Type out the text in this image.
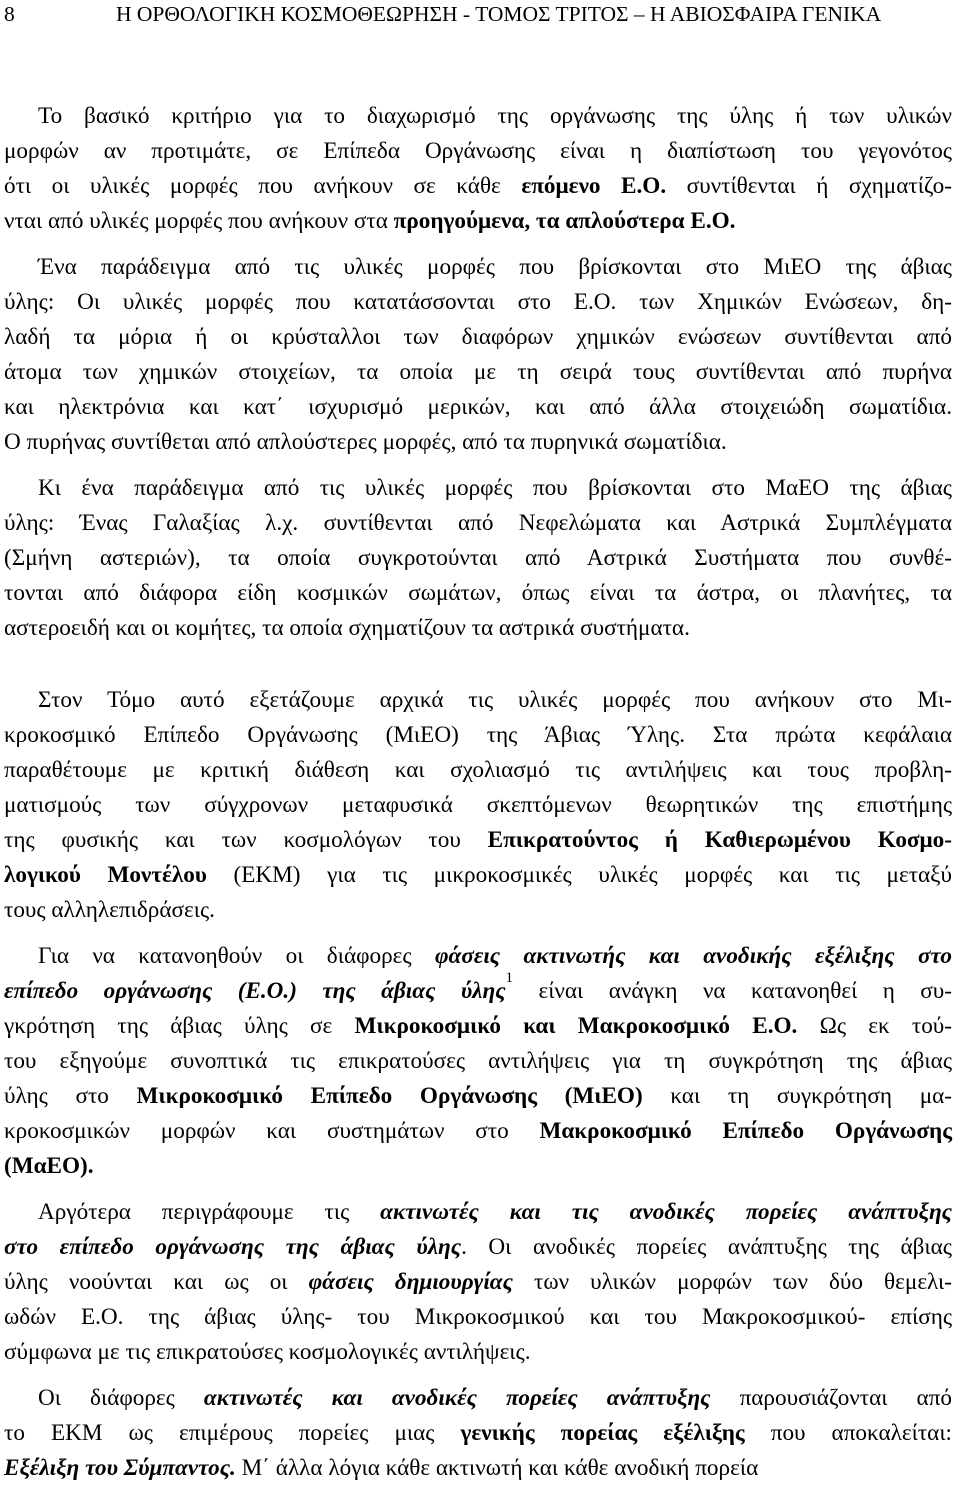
8	Η ΟΡΘΟΛΟΓΙΚΗ ΚΟΣΜΟΘΕΩΡΗΣΗ - ΤΟΜΟΣ ΤΡΙΤΟΣ – Η ΑΒΙΟΣΦΑΙΡΑ ΓΕΝΙΚΑ
Το βασικό κριτήριο για το διαχωρισμό της οργάνωσης της ύλης ή των υλικών
μορφών αν προτιμάτε, σε Επίπεδα Οργάνωσης είναι η διαπίστωση του γεγονότος
ότι οι υλικές μορφές που ανήκουν σε κάθε επόμενο Ε.Ο. συντίθενται ή σχηματίζο-
νται από υλικές μορφές που ανήκουν στα προηγούμενα, τα απλούστερα Ε.Ο.
Ένα παράδειγμα από τις υλικές μορφές που βρίσκονται στο ΜιΕΟ της άβιας
ύλης: Οι υλικές μορφές που κατατάσσονται στο Ε.Ο. των Χημικών Ενώσεων, δη-
λαδή τα μόρια ή οι κρύσταλλοι των διαφόρων χημικών ενώσεων συντίθενται από
άτομα των χημικών στοιχείων, τα οποία με τη σειρά τους συντίθενται από πυρήνα
και ηλεκτρόνια και κατ΄ ισχυρισμό μερικών, και από άλλα στοιχειώδη σωματίδια.
Ο πυρήνας συντίθεται από απλούστερες μορφές, από τα πυρηνικά σωματίδια.
Κι ένα παράδειγμα από τις υλικές μορφές που βρίσκονται στο ΜαΕΟ της άβιας
ύλης: Ένας Γαλαξίας λ.χ. συντίθενται από Νεφελώματα και Αστρικά Συμπλέγματα
(Σμήνη αστεριών), τα οποία συγκροτούνται από Αστρικά Συστήματα που συνθέ-
τονται από διάφορα είδη κοσμικών σωμάτων, όπως είναι τα άστρα, οι πλανήτες, τα
αστεροειδή και οι κομήτες, τα οποία σχηματίζουν τα αστρικά συστήματα.
Στον Τόμο αυτό εξετάζουμε αρχικά τις υλικές μορφές που ανήκουν στο Μι-
κροκοσμικό Επίπεδο Οργάνωσης (ΜιΕΟ) της Άβιας Ύλης. Στα πρώτα κεφάλαια
παραθέτουμε με κριτική διάθεση και σχολιασμό τις αντιλήψεις και τους προβλη-
ματισμούς των σύγχρονων μεταφυσικά σκεπτόμενων θεωρητικών της επιστήμης
της φυσικής και των κοσμολόγων του Επικρατούντος ή Καθιερωμένου Κοσμο-
λογικού Μοντέλου (ΕΚΜ) για τις μικροκοσμικές υλικές μορφές και τις μεταξύ
τους αλληλεπιδράσεις.
Για να κατανοηθούν οι διάφορες φάσεις ακτινωτής και ανοδικής εξέλιξης στο
επίπεδο οργάνωσης (Ε.Ο.) της άβιας ύλης$^1$ είναι ανάγκη να κατανοηθεί η συ-
γκρότηση της άβιας ύλης σε Μικροκοσμικό και Μακροκοσμικό Ε.Ο. Ως εκ τού-
του εξηγούμε συνοπτικά τις επικρατούσες αντιλήψεις για τη συγκρότηση της άβιας
ύλης στο Μικροκοσμικό Επίπεδο Οργάνωσης (ΜιΕΟ) και τη συγκρότηση μα-
κροκοσμικών μορφών και συστημάτων στο Μακροκοσμικό Επίπεδο Οργάνωσης
(ΜαΕΟ).
Αργότερα περιγράφουμε τις ακτινωτές και τις ανοδικές πορείες ανάπτυξης
στο επίπεδο οργάνωσης της άβιας ύλης. Οι ανοδικές πορείες ανάπτυξης της άβιας
ύλης νοούνται και ως οι φάσεις δημιουργίας των υλικών μορφών των δύο θεμελι-
ωδών Ε.Ο. της άβιας ύλης- του Μικροκοσμικού και του Μακροκοσμικού- επίσης
σύμφωνα με τις επικρατούσες κοσμολογικές αντιλήψεις.
Οι διάφορες ακτινωτές και ανοδικές πορείες ανάπτυξης παρουσιάζονται από
το ΕΚΜ ως επιμέρους πορείες μιας γενικής πορείας εξέλιξης που αποκαλείται:
Εξέλιξη του Σύμπαντος. Μ΄ άλλα λόγια κάθε ακτινωτή και κάθε ανοδική πορεία
